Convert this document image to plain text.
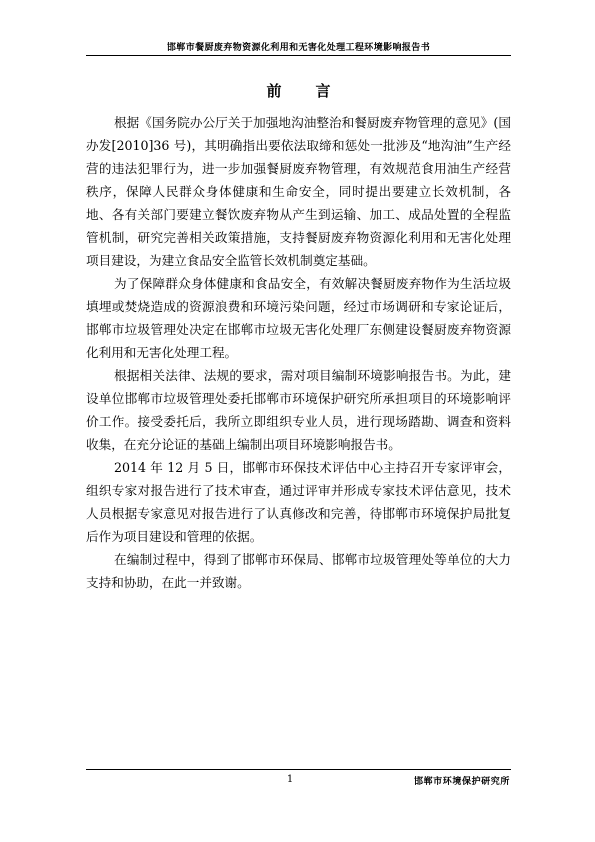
邯郸市餐厨废弃物资源化利用和无害化处理工程环境影响报告书
前言

根据《国务院办公厅关于加强地沟油整治和餐厨废弃物管理的意见》(国办发[2010]36 号)，其明确指出要依法取缔和惩处一批涉及“地沟油”生产经营的违法犯罪行为，进一步加强餐厨废弃物管理，有效规范食用油生产经营秩序，保障人民群众身体健康和生命安全，同时提出要建立长效机制，各地、各有关部门要建立餐饮废弃物从产生到运输、加工、成品处置的全程监管机制，研究完善相关政策措施，支持餐厨废弃物资源化利用和无害化处理项目建设，为建立食品安全监管长效机制奠定基础。

为了保障群众身体健康和食品安全，有效解决餐厨废弃物作为生活垃圾填埋或焚烧造成的资源浪费和环境污染问题，经过市场调研和专家论证后，邯郸市垃圾管理处决定在邯郸市垃圾无害化处理厂东侧建设餐厨废弃物资源化利用和无害化处理工程。

根据相关法律、法规的要求，需对项目编制环境影响报告书。为此，建设单位邯郸市垃圾管理处委托邯郸市环境保护研究所承担项目的环境影响评价工作。接受委托后，我所立即组织专业人员，进行现场踏勘、调查和资料收集，在充分论证的基础上编制出项目环境影响报告书。

2014 年 12 月 5 日，邯郸市环保技术评估中心主持召开专家评审会，组织专家对报告进行了技术审查，通过评审并形成专家技术评估意见，技术人员根据专家意见对报告进行了认真修改和完善，待邯郸市环境保护局批复后作为项目建设和管理的依据。

在编制过程中，得到了邯郸市环保局、邯郸市垃圾管理处等单位的大力支持和协助，在此一并致谢。

1	邯郸市环境保护研究所
